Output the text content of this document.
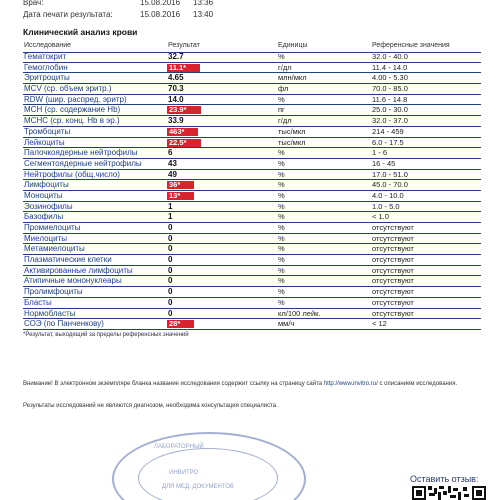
Врач:	15.08.2016 13:36
Дата печати результата:	15.08.2016 13:40
Клинический анализ крови
Исследование	Результат	Единицы	Референсные значения
Гематокрит	32.7	%	32.0 - 40.0
Гемоглобин	11.1*	г/дл	11.4 - 14.0
Эритроциты	4.65	млн/мкл	4.00 - 5.30
MCV (ср. объем эритр.)	70.3	фл	70.0 - 85.0
RDW (шир. распред. эритр)	14.0	%	11.6 - 14.8
MCH (ср. содержание Hb)	23.9*	пг	25.0 - 30.0
MCHC (ср. конц. Hb в эр.)	33.9	г/дл	32.0 - 37.0
Тромбоциты	463*	тыс/мкл	214 - 459
Лейкоциты	22.5*	тыс/мкл	6.0 - 17.5
Палочкоядерные нейтрофилы	6	%	1 - 6
Сегментоядерные нейтрофилы	43	%	16 - 45
Нейтрофилы (общ.число)	49	%	17.0 - 51.0
Лимфоциты	36*	%	45.0 - 70.0
Моноциты	13*	%	4.0 - 10.0
Эозинофилы	1	%	1.0 - 5.0
Базофилы	1	%	< 1.0
Промиелоциты	0	%	отсутствуют
Миелоциты	0	%	отсутствуют
Метамиелоциты	0	%	отсутствуют
Плазматические клетки	0	%	отсутствуют
Активированные лимфоциты	0	%	отсутствуют
Атипичные мононуклеары	0	%	отсутствуют
Пролимфоциты	0	%	отсутствуют
Бласты	0	%	отсутствуют
Нормобласты	0	кл/100 лейк.	отсутствуют
СОЭ (по Панченкову)	28*	мм/ч	< 12
*Результат, выходящий за пределы референсных значений
Внимание! В электронном экземпляре бланка название исследования содержит ссылку на страницу сайта http://www.invitro.ru/ с описанием исследования.
Результаты исследований не являются диагнозом, необходима консультация специалиста.
ЛАБОРАТОРНЫЙ
ИНВИТРО
ДЛЯ МЕД. ДОКУМЕНТОВ
Оставить отзыв:
